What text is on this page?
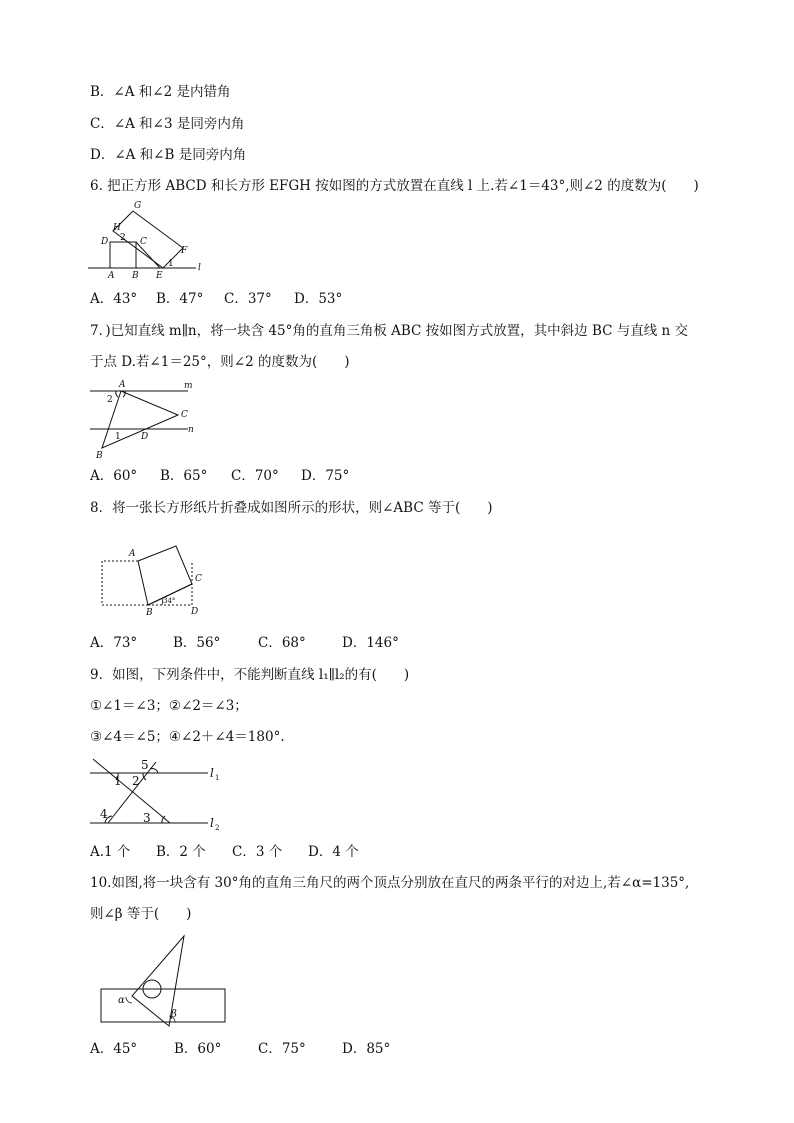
B．∠A 和∠2 是内错角
C．∠A 和∠3 是同旁内角
D．∠A 和∠B 是同旁内角
6. 把正方形 ABCD 和长方形 EFGH 按如图的方式放置在直线 l 上.若∠1＝43°,则∠2 的度数为(　　)
G
H
D 2 C
F
1
A B E
l
A．43° B．47° C．37° D．53°
7．)已知直线 m∥n，将一块含 45°角的直角三角板 ABC 按如图方式放置，其中斜边 BC 与直线 n 交
于点 D.若∠1＝25°，则∠2 的度数为(　　)
A	m
2
C
n
1 D
B
A．60° B．65° C．70° D．75°
8．将一张长方形纸片折叠成如图所示的形状，则∠ABC 等于(　　)
A
C
B	D
34°
A．73°	B．56°	C．68°	D．146°
9．如图，下列条件中，不能判断直线 l₁∥l₂的有(　　)
①∠1＝∠3；②∠2＝∠3；
③∠4＝∠5；④∠2＋∠4＝180°.
5
1 2
4	3
l 1
l 2
A.1 个 B．2 个 C．3 个 D．4 个
10.如图,将一块含有 30°角的直角三角尺的两个顶点分别放在直尺的两条平行的对边上,若∠α=135°,
则∠β 等于(　　)
α
β
A．45°	B．60°	C．75°	D．85°
